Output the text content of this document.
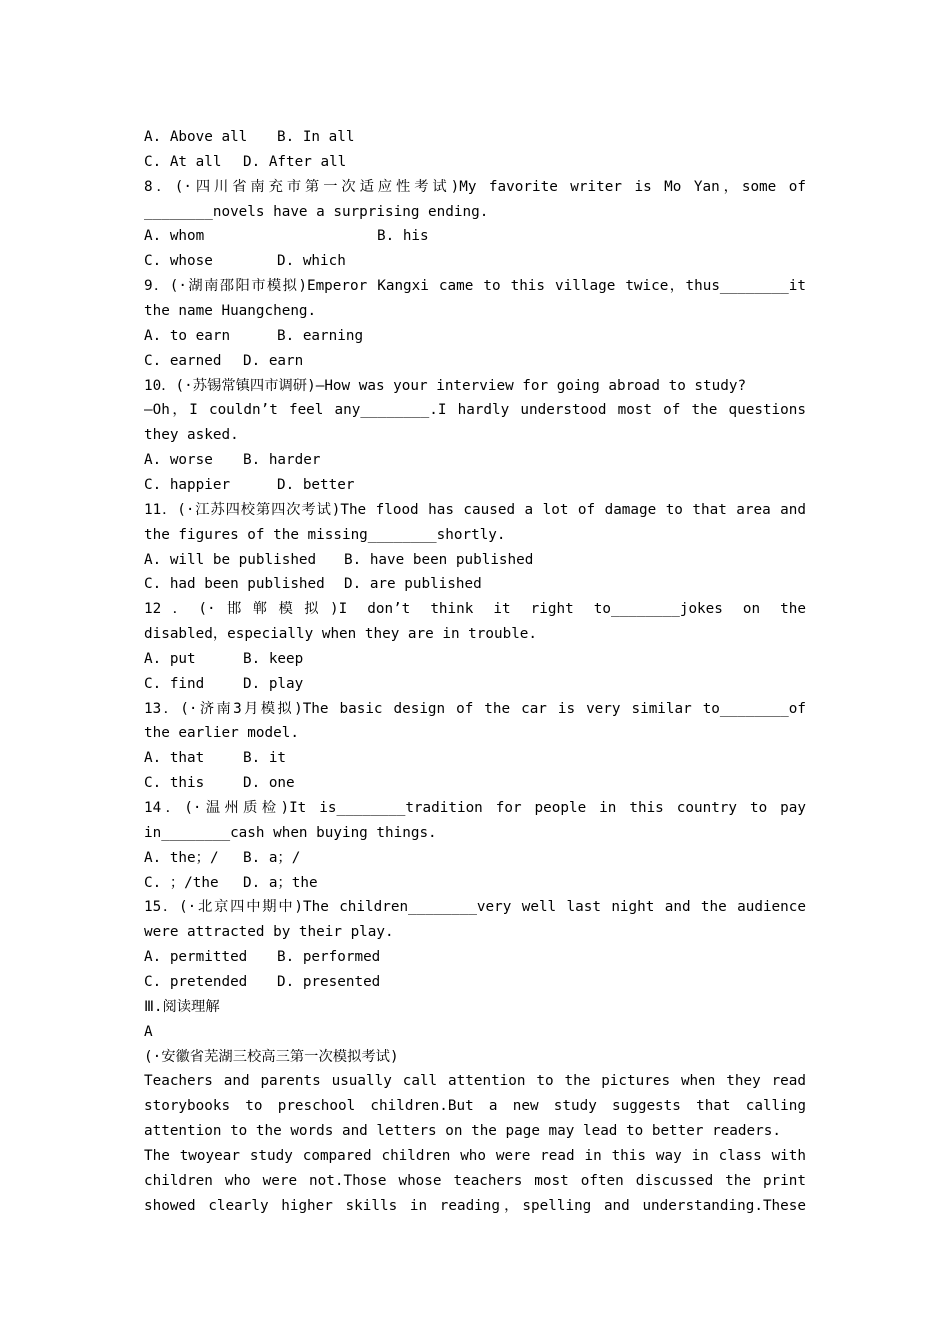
A. Above all B. In all
C. At all D. After all
8．(·四川省南充市第一次适应性考试)My favorite writer is Mo Yan，some of
________novels have a surprising ending.
A. whom	B. his
C. whose	D. which
9．(·湖南邵阳市模拟)Emperor Kangxi came to this village twice，thus________it
the name Huangcheng.
A. to earn	B. earning
C. earned D. earn
10．(·苏锡常镇四市调研)—How was your interview for going abroad to study?
—Oh，I couldn’t feel any________.I hardly understood most of the questions
they asked.
A. worse B. harder
C. happier	D. better
11．(·江苏四校第四次考试)The flood has caused a lot of damage to that area and
the figures of the missing________shortly.
A. will be published B. have been published
C. had been published D. are published
12．(·邯郸模拟)I don’t think it right to________jokes on the
disabled，especially when they are in trouble.
A. put	B. keep
C. find	D. play
13．(·济南3月模拟)The basic design of the car is very similar to________of
the earlier model.
A. that	B. it
C. this	D. one
14．(·温州质检)It is________tradition for people in this country to pay
in________cash when buying things.
A. the；/ B. a；/
C. ；/the D. a；the
15．(·北京四中期中)The children________very well last night and the audience
were attracted by their play.
A. permitted B. performed
C. pretended D. presented
Ⅲ.阅读理解
A
(·安徽省芜湖三校高三第一次模拟考试)
Teachers and parents usually call attention to the pictures when they read
storybooks to preschool children.But a new study suggests that calling
attention to the words and letters on the page may lead to better readers.
The twoyear study compared children who were read in this way in class with
children who were not.Those whose teachers most often discussed the print
showed clearly higher skills in reading，spelling and understanding.These
